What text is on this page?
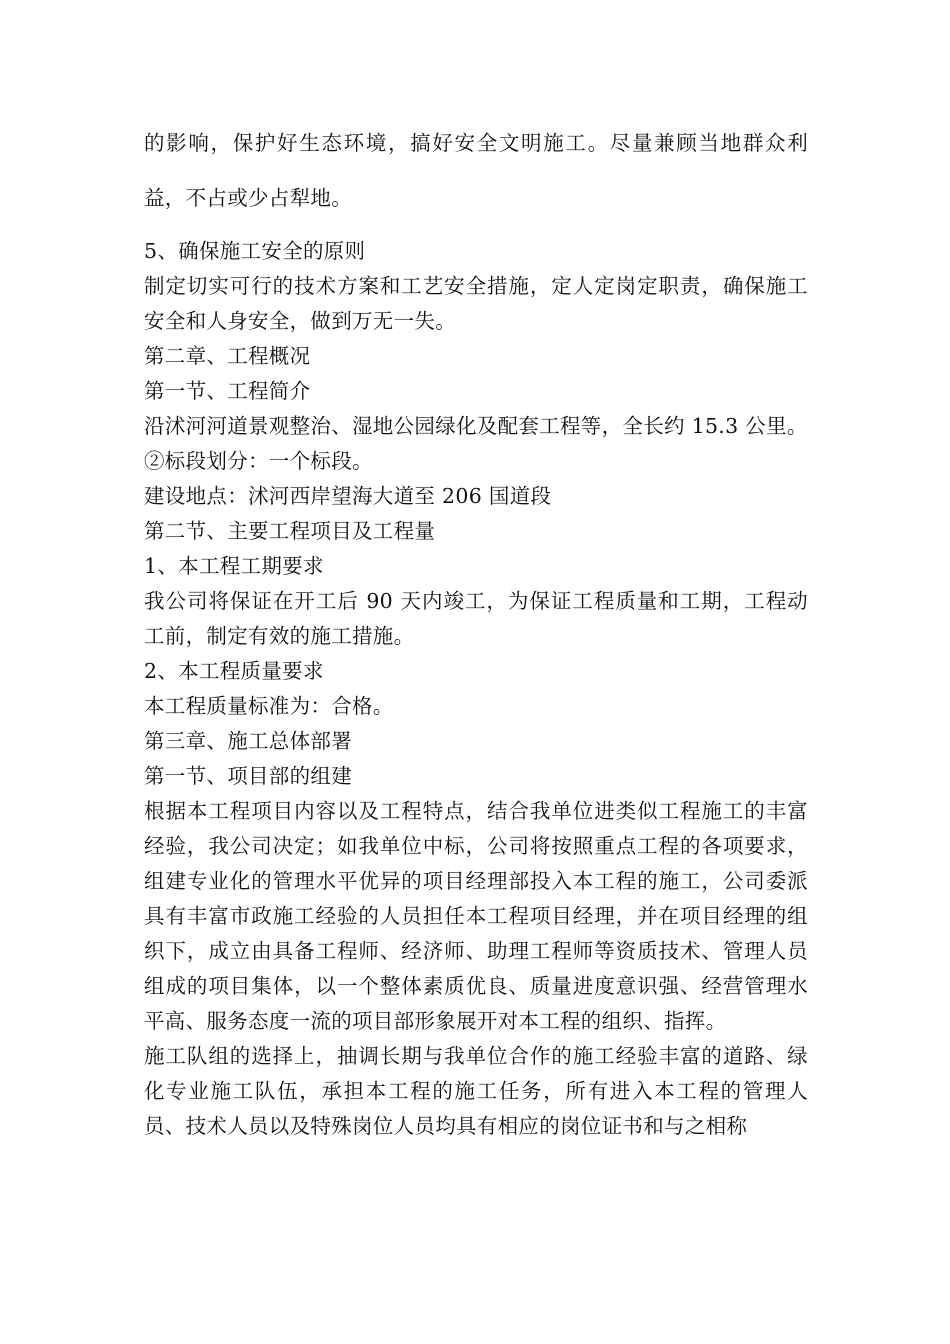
的影响，保护好生态环境，搞好安全文明施工。尽量兼顾当地群众利益，不占或少占犁地。

5、确保施工安全的原则

制定切实可行的技术方案和工艺安全措施，定人定岗定职责，确保施工安全和人身安全，做到万无一失。

第二章、工程概况

第一节、工程简介

沿沭河河道景观整治、湿地公园绿化及配套工程等，全长约 15.3 公里。

②标段划分：一个标段。

建设地点：沭河西岸望海大道至 206 国道段

第二节、主要工程项目及工程量

1、本工程工期要求

我公司将保证在开工后 90 天内竣工，为保证工程质量和工期，工程动工前，制定有效的施工措施。

2、本工程质量要求

本工程质量标准为：合格。

第三章、施工总体部署

第一节、项目部的组建

根据本工程项目内容以及工程特点，结合我单位进类似工程施工的丰富经验，我公司决定；如我单位中标，公司将按照重点工程的各项要求，组建专业化的管理水平优异的项目经理部投入本工程的施工，公司委派具有丰富市政施工经验的人员担任本工程项目经理，并在项目经理的组织下，成立由具备工程师、经济师、助理工程师等资质技术、管理人员组成的项目集体，以一个整体素质优良、质量进度意识强、经营管理水平高、服务态度一流的项目部形象展开对本工程的组织、指挥。

施工队组的选择上，抽调长期与我单位合作的施工经验丰富的道路、绿化专业施工队伍，承担本工程的施工任务，所有进入本工程的管理人员、技术人员以及特殊岗位人员均具有相应的岗位证书和与之相称
